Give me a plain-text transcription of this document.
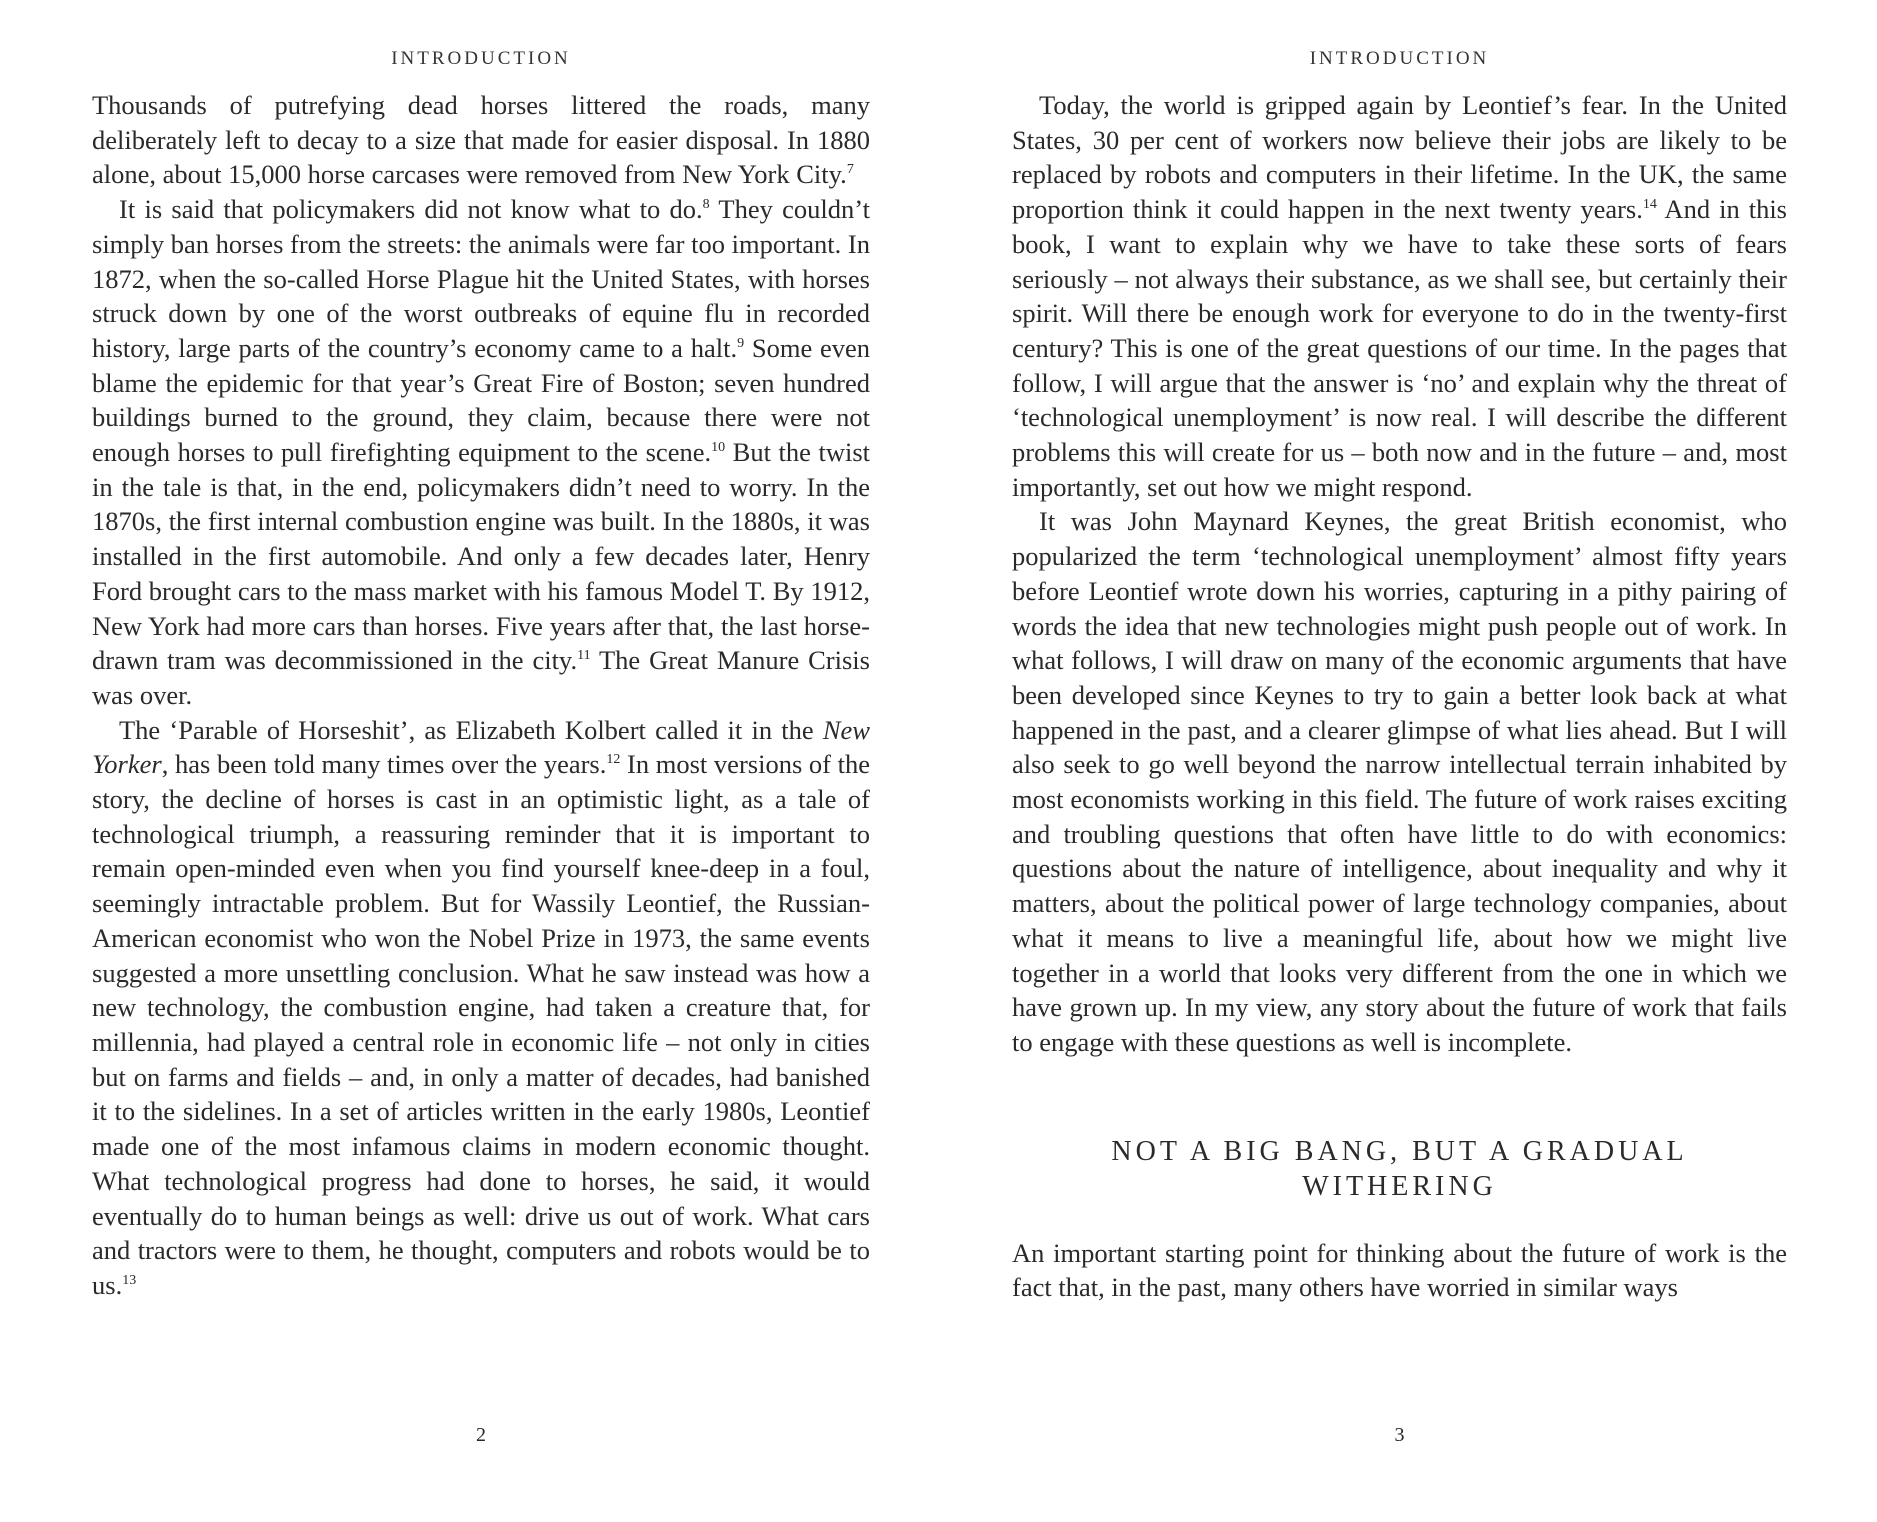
INTRODUCTION

Thousands of putrefying dead horses littered the roads, many deliberately left to decay to a size that made for easier disposal. In 1880 alone, about 15,000 horse carcases were removed from New York City.$^7$

It is said that policymakers did not know what to do.$^8$ They couldn’t simply ban horses from the streets: the animals were far too important. In 1872, when the so-called Horse Plague hit the United States, with horses struck down by one of the worst outbreaks of equine flu in recorded history, large parts of the country’s economy came to a halt.$^9$ Some even blame the epidemic for that year’s Great Fire of Boston; seven hundred buildings burned to the ground, they claim, because there were not enough horses to pull firefighting equipment to the scene.$^{10}$ But the twist in the tale is that, in the end, policymakers didn’t need to worry. In the 1870s, the first internal combustion engine was built. In the 1880s, it was installed in the first automobile. And only a few decades later, Henry Ford brought cars to the mass market with his famous Model T. By 1912, New York had more cars than horses. Five years after that, the last horse-drawn tram was decommissioned in the city.$^{11}$ The Great Manure Crisis was over.

The ‘Parable of Horseshit’, as Elizabeth Kolbert called it in the New Yorker, has been told many times over the years.$^{12}$ In most versions of the story, the decline of horses is cast in an optimistic light, as a tale of technological triumph, a reassuring reminder that it is important to remain open-minded even when you find yourself knee-deep in a foul, seemingly intractable problem. But for Wassily Leontief, the Russian-American economist who won the Nobel Prize in 1973, the same events suggested a more unsettling conclusion. What he saw instead was how a new technology, the combustion engine, had taken a creature that, for millennia, had played a central role in economic life – not only in cities but on farms and fields – and, in only a matter of decades, had banished it to the sidelines. In a set of articles written in the early 1980s, Leontief made one of the most infamous claims in modern economic thought. What technological progress had done to horses, he said, it would eventually do to human beings as well: drive us out of work. What cars and tractors were to them, he thought, computers and robots would be to us.$^{13}$

2
INTRODUCTION

Today, the world is gripped again by Leontief’s fear. In the United States, 30 per cent of workers now believe their jobs are likely to be replaced by robots and computers in their lifetime. In the UK, the same proportion think it could happen in the next twenty years.$^{14}$ And in this book, I want to explain why we have to take these sorts of fears seriously – not always their substance, as we shall see, but certainly their spirit. Will there be enough work for everyone to do in the twenty-first century? This is one of the great questions of our time. In the pages that follow, I will argue that the answer is ‘no’ and explain why the threat of ‘technological unemployment’ is now real. I will describe the different problems this will create for us – both now and in the future – and, most importantly, set out how we might respond.

It was John Maynard Keynes, the great British economist, who popularized the term ‘technological unemployment’ almost fifty years before Leontief wrote down his worries, capturing in a pithy pairing of words the idea that new technologies might push people out of work. In what follows, I will draw on many of the economic arguments that have been developed since Keynes to try to gain a better look back at what happened in the past, and a clearer glimpse of what lies ahead. But I will also seek to go well beyond the narrow intellectual terrain inhabited by most economists working in this field. The future of work raises exciting and troubling questions that often have little to do with economics: questions about the nature of intelligence, about inequality and why it matters, about the political power of large technology companies, about what it means to live a meaningful life, about how we might live together in a world that looks very different from the one in which we have grown up. In my view, any story about the future of work that fails to engage with these questions as well is incomplete.

NOT A BIG BANG, BUT A GRADUAL WITHERING

An important starting point for thinking about the future of work is the fact that, in the past, many others have worried in similar ways

3
